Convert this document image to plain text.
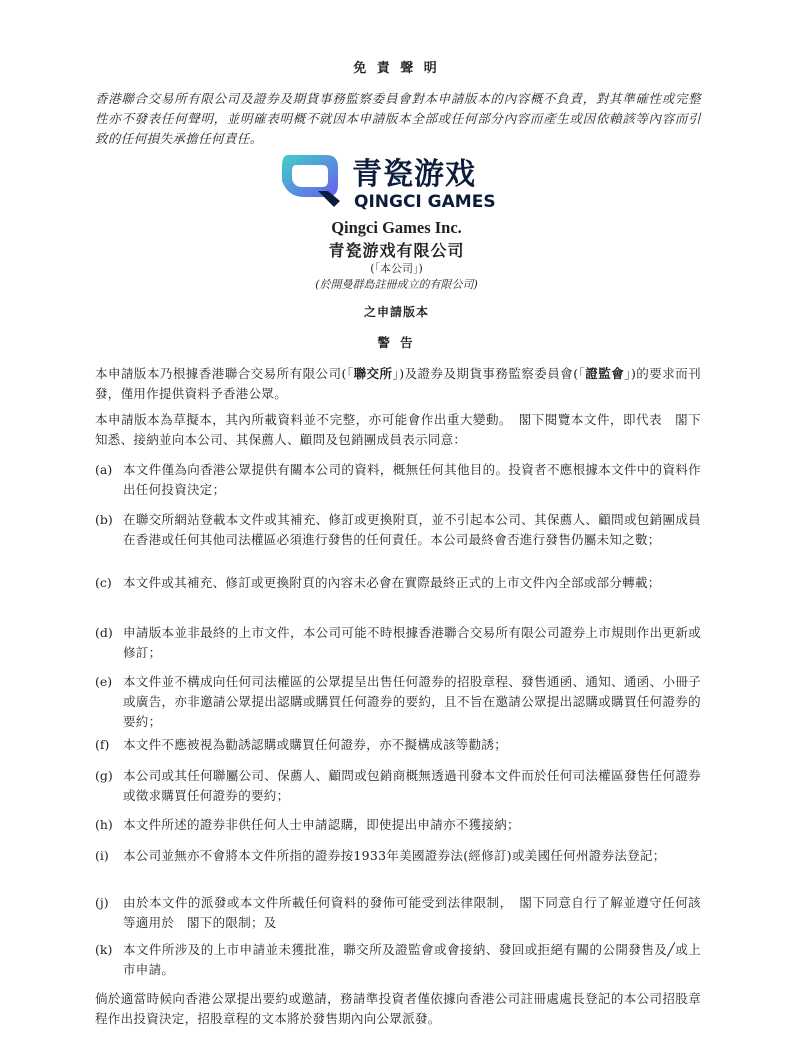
免 責 聲 明
香港聯合交易所有限公司及證券及期貨事務監察委員會對本申請版本的內容概不負責，對其準確性或完整性亦不發表任何聲明，並明確表明概不就因本申請版本全部或任何部分內容而產生或因依賴該等內容而引致的任何損失承擔任何責任。
青瓷游戏
QINGCI GAMES
Qingci Games Inc.
青瓷游戏有限公司
(「本公司」)
(於開曼群島註冊成立的有限公司)
之申請版本
警 告
本申請版本乃根據香港聯合交易所有限公司(「聯交所」)及證券及期貨事務監察委員會(「證監會」)的要求而刊發，僅用作提供資料予香港公眾。
本申請版本為草擬本，其內所載資料並不完整，亦可能會作出重大變動。　閣下閱覽本文件，即代表　閣下知悉、接納並向本公司、其保薦人、顧問及包銷團成員表示同意：
(a) 本文件僅為向香港公眾提供有關本公司的資料，概無任何其他目的。投資者不應根據本文件中的資料作出任何投資決定；
(b) 在聯交所網站登載本文件或其補充、修訂或更換附頁，並不引起本公司、其保薦人、顧問或包銷團成員在香港或任何其他司法權區必須進行發售的任何責任。本公司最終會否進行發售仍屬未知之數；
(c) 本文件或其補充、修訂或更換附頁的內容未必會在實際最終正式的上市文件內全部或部分轉載；
(d) 申請版本並非最終的上市文件，本公司可能不時根據香港聯合交易所有限公司證券上市規則作出更新或修訂；
(e) 本文件並不構成向任何司法權區的公眾提呈出售任何證券的招股章程、發售通函、通知、通函、小冊子或廣告，亦非邀請公眾提出認購或購買任何證券的要約，且不旨在邀請公眾提出認購或購買任何證券的要約；
(f)	本文件不應被視為勸誘認購或購買任何證券，亦不擬構成該等勸誘；
(g) 本公司或其任何聯屬公司、保薦人、顧問或包銷商概無透過刊發本文件而於任何司法權區發售任何證券或徵求購買任何證券的要約；
(h) 本文件所述的證券非供任何人士申請認購，即使提出申請亦不獲接納；
(i)	本公司並無亦不會將本文件所指的證券按1933年美國證券法(經修訂)或美國任何州證券法登記；
(j)	由於本文件的派發或本文件所載任何資料的發佈可能受到法律限制，　閣下同意自行了解並遵守任何該等適用於　閣下的限制；及
(k) 本文件所涉及的上市申請並未獲批准，聯交所及證監會或會接納、發回或拒絕有關的公開發售及╱或上市申請。
倘於適當時候向香港公眾提出要約或邀請，務請準投資者僅依據向香港公司註冊處處長登記的本公司招股章程作出投資決定，招股章程的文本將於發售期內向公眾派發。
